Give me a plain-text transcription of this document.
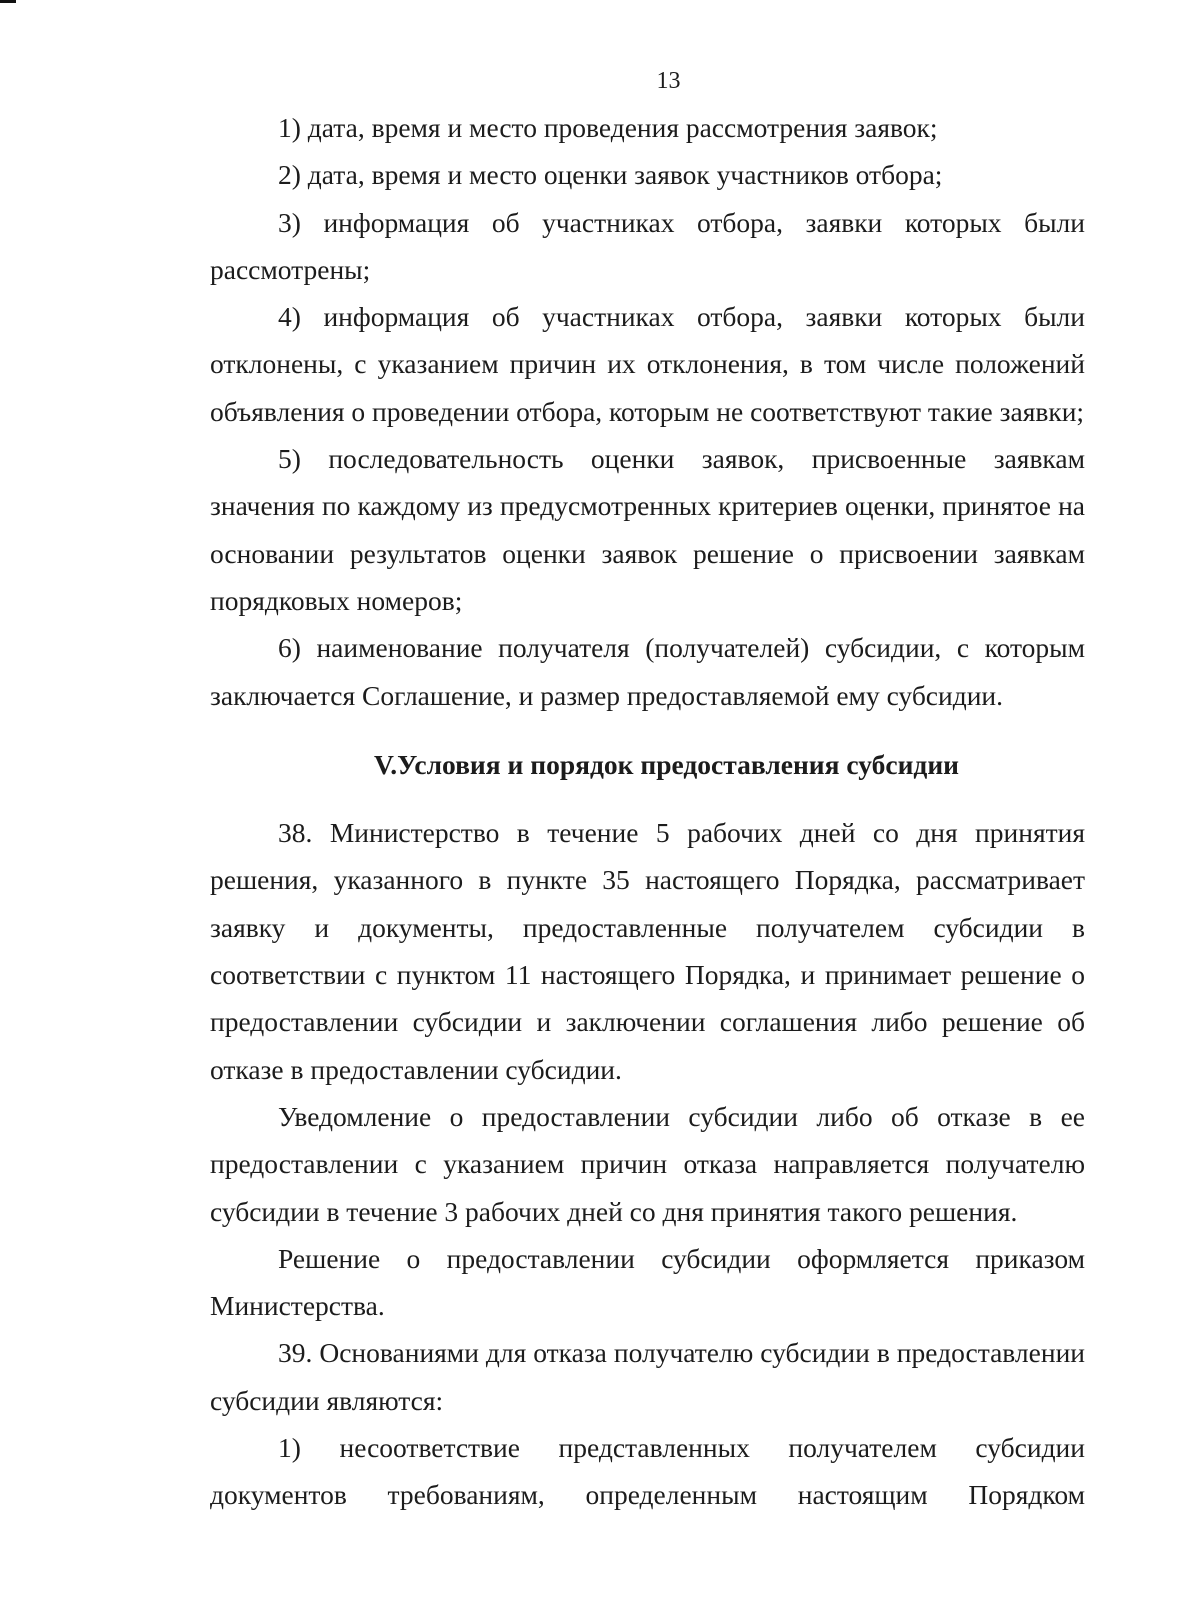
13

1) дата, время и место проведения рассмотрения заявок;

2) дата, время и место оценки заявок участников отбора;

3) информация об участниках отбора, заявки которых были рассмотрены;

4) информация об участниках отбора, заявки которых были отклонены, с указанием причин их отклонения, в том числе положений объявления о проведении отбора, которым не соответствуют такие заявки;

5) последовательность оценки заявок, присвоенные заявкам значения по каждому из предусмотренных критериев оценки, принятое на основании результатов оценки заявок решение о присвоении заявкам порядковых номеров;

6) наименование получателя (получателей) субсидии, с которым заключается Соглашение, и размер предоставляемой ему субсидии.

V.Условия и порядок предоставления субсидии

38. Министерство в течение 5 рабочих дней со дня принятия решения, указанного в пункте 35 настоящего Порядка, рассматривает заявку и документы, предоставленные получателем субсидии в соответствии с пунктом 11 настоящего Порядка, и принимает решение о предоставлении субсидии и заключении соглашения либо решение об отказе в предоставлении субсидии.

Уведомление о предоставлении субсидии либо об отказе в ее предоставлении с указанием причин отказа направляется получателю субсидии в течение 3 рабочих дней со дня принятия такого решения.

Решение о предоставлении субсидии оформляется приказом Министерства.

39. Основаниями для отказа получателю субсидии в предоставлении субсидии являются:

1) несоответствие представленных получателем субсидии документов требованиям, определенным настоящим Порядком
